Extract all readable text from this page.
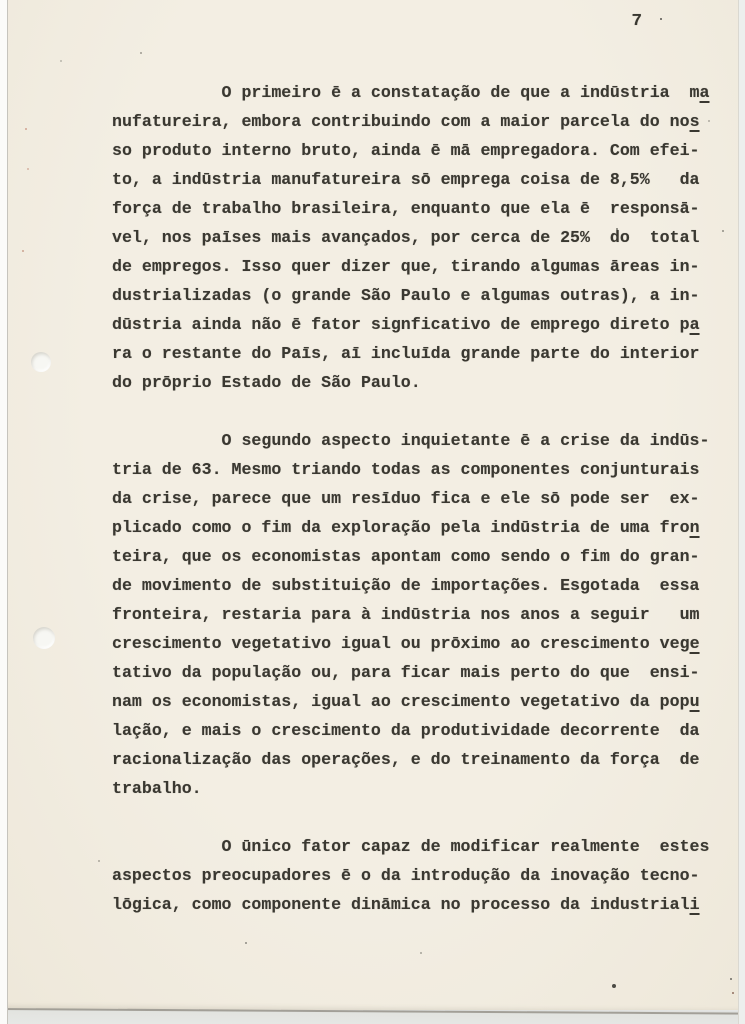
7
O primeiro ē a constatação de que a indūstria  ma
nufatureira, embora contribuindo com a maior parcela do nos
so produto interno bruto, ainda ē mā empregadora. Com efei-
to, a indūstria manufatureira sō emprega coisa de 8,5%   da
força de trabalho brasileira, enquanto que ela ē  responsā-
vel, nos paīses mais avançados, por cerca de 25%  do  total
de empregos. Isso quer dizer que, tirando algumas āreas in-
dustrializadas (o grande São Paulo e algumas outras), a in-
dūstria ainda não ē fator signficativo de emprego direto pa
ra o restante do Paīs, aī incluīda grande parte do interior
do prōprio Estado de São Paulo.
O segundo aspecto inquietante ē a crise da indūs-
tria de 63. Mesmo triando todas as componentes conjunturais
da crise, parece que um resīduo fica e ele sō pode ser  ex-
plicado como o fim da exploração pela indūstria de uma fron
teira, que os economistas apontam como sendo o fim do gran-
de movimento de substituição de importações. Esgotada  essa
fronteira, restaria para à indūstria nos anos a seguir   um
crescimento vegetativo igual ou prōximo ao crescimento vege
tativo da população ou, para ficar mais perto do que  ensi-
nam os economistas, igual ao crescimento vegetativo da popu
lação, e mais o crescimento da produtividade decorrente  da
racionalização das operações, e do treinamento da força  de
trabalho.
O ūnico fator capaz de modificar realmente  estes
aspectos preocupadores ē o da introdução da inovação tecno-
lōgica, como componente dināmica no processo da industriali
